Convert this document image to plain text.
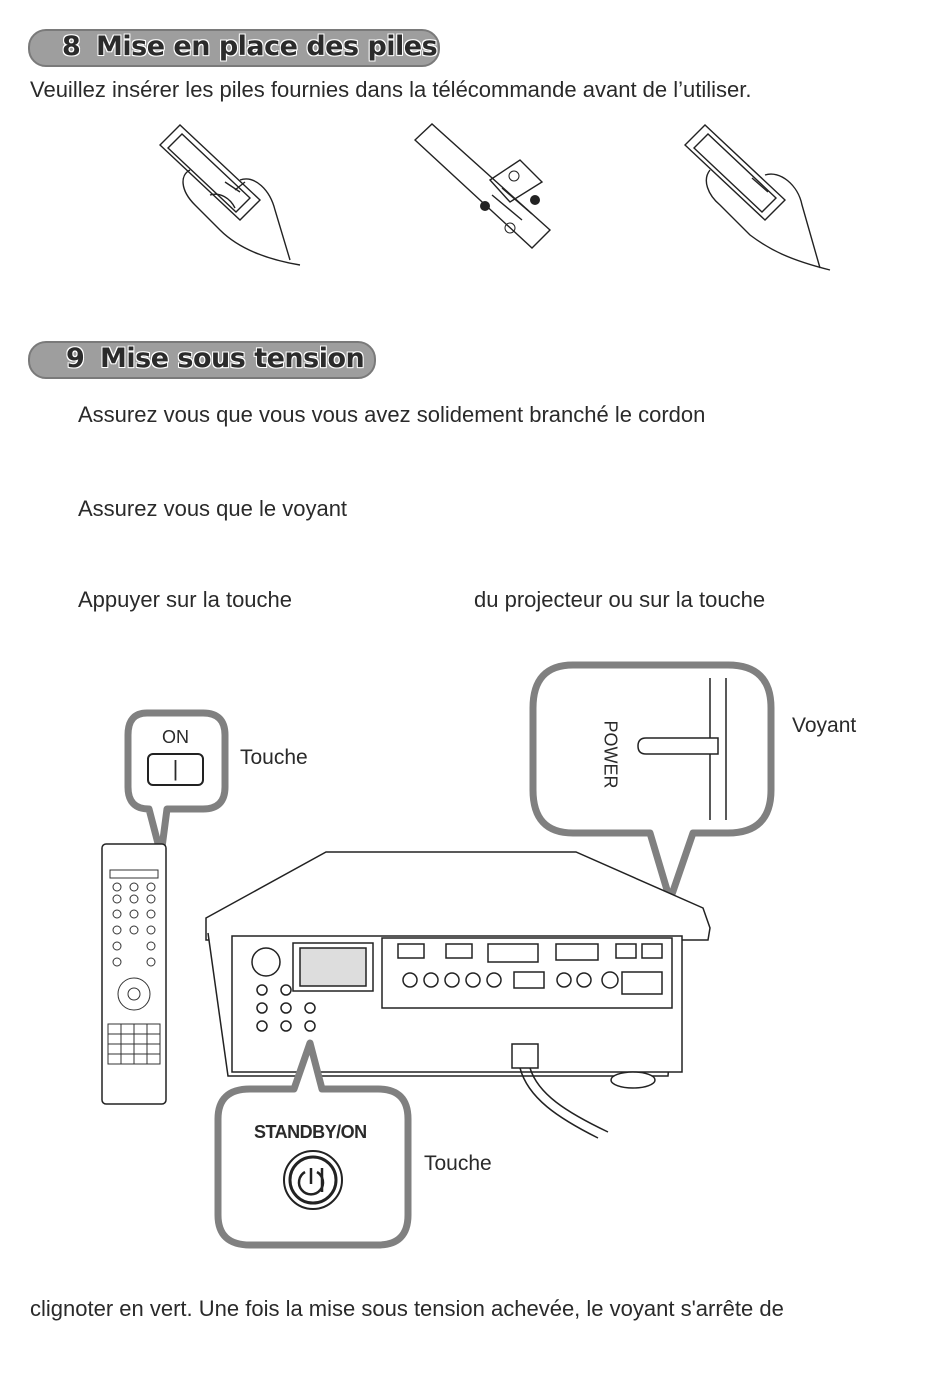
8 Mise en place des piles
Veuillez insérer les piles fournies dans la télécommande avant de l’utiliser.
9 Mise sous tension
Assurez vous que vous vous avez solidement branché le cordon
Assurez vous que le voyant
Appuyer sur la touche	du projecteur ou sur la touche
ON
|	Touche	POWER	Voyant
STANDBY/ON
Touche
clignoter en vert. Une fois la mise sous tension achevée, le voyant s'arrête de
